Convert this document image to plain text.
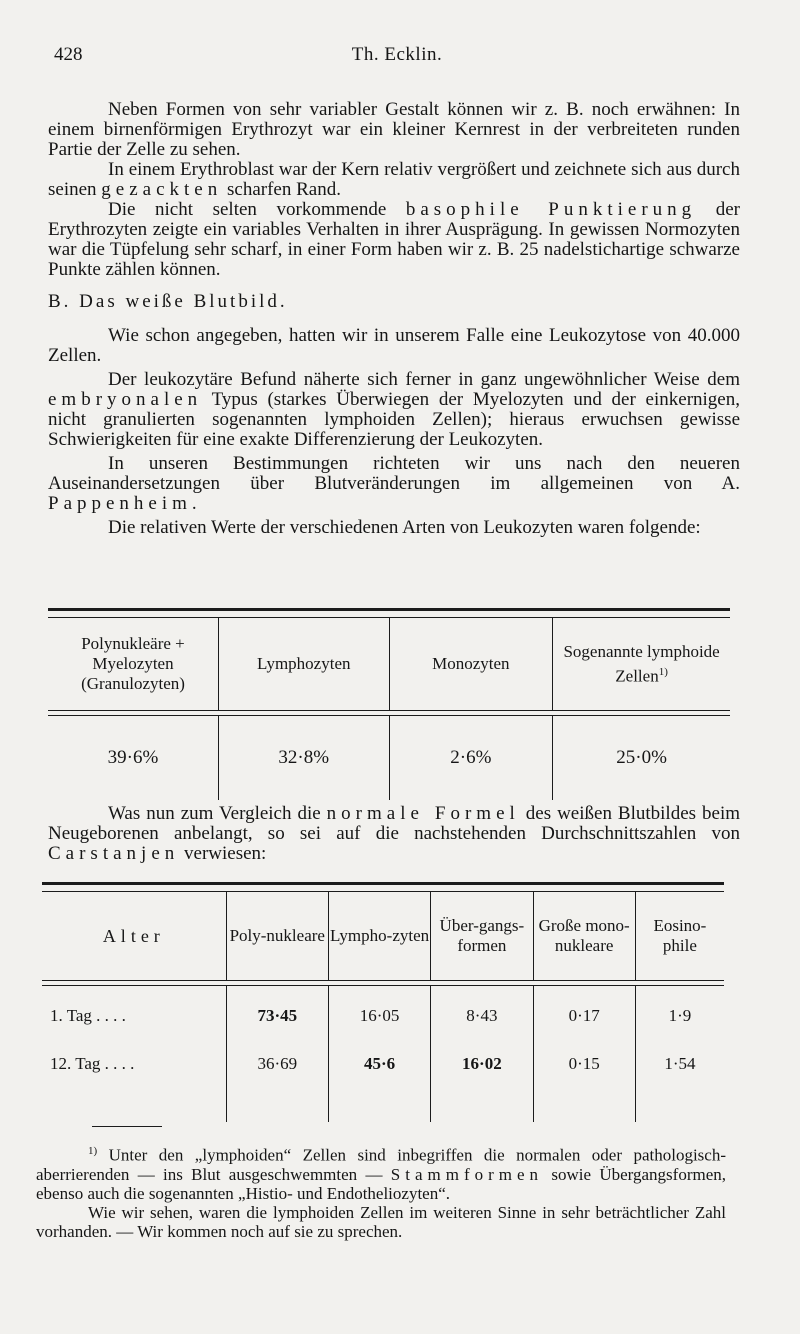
428	Th. Ecklin.

Neben Formen von sehr variabler Gestalt können wir z. B. noch erwähnen: In einem birnenförmigen Erythrozyt war ein kleiner Kernrest in der verbreiteten runden Partie der Zelle zu sehen.

In einem Erythroblast war der Kern relativ vergrößert und zeichnete sich aus durch seinen gezackten scharfen Rand.

Die nicht selten vorkommende basophile Punktierung der Erythrozyten zeigte ein variables Verhalten in ihrer Ausprägung. In gewissen Normozyten war die Tüpfelung sehr scharf, in einer Form haben wir z. B. 25 nadelstichartige schwarze Punkte zählen können.

B. Das weiße Blutbild.

Wie schon angegeben, hatten wir in unserem Falle eine Leukozytose von 40.000 Zellen.

Der leukozytäre Befund näherte sich ferner in ganz ungewöhnlicher Weise dem embryonalen Typus (starkes Überwiegen der Myelozyten und der einkernigen, nicht granulierten sogenannten lymphoiden Zellen); hieraus erwuchsen gewisse Schwierigkeiten für eine exakte Differenzierung der Leukozyten.

In unseren Bestimmungen richteten wir uns nach den neueren Auseinandersetzungen über Blutveränderungen im allgemeinen von A. Pappenheim.

Die relativen Werte der verschiedenen Arten von Leukozyten waren folgende:

Polynukleäre + Myelozyten (Granulozyten)	Lymphozyten	Monozyten	Sogenannte lymphoide Zellen$^{1)}$
39·6%	32·8%	2·6%	25·0%

Was nun zum Vergleich die normale Formel des weißen Blutbildes beim Neugeborenen anbelangt, so sei auf die nachstehenden Durchschnittszahlen von Carstanjen verwiesen:

Alter	Poly-nukleare	Lympho-zyten	Über-gangs-formen	Große mono-nukleare	Eosino-phile
1. Tag . . . .	73·45	16·05	8·43	0·17	1·9
12. Tag . . . .	36·69	45·6	16·02	0·15	1·54

$^{1)}$ Unter den „lymphoiden“ Zellen sind inbegriffen die normalen oder pathologisch-aberrierenden — ins Blut ausgeschwemmten — Stammformen sowie Übergangsformen, ebenso auch die sogenannten „Histio- und Endotheliozyten“.

Wie wir sehen, waren die lymphoiden Zellen im weiteren Sinne in sehr beträchtlicher Zahl vorhanden. — Wir kommen noch auf sie zu sprechen.
